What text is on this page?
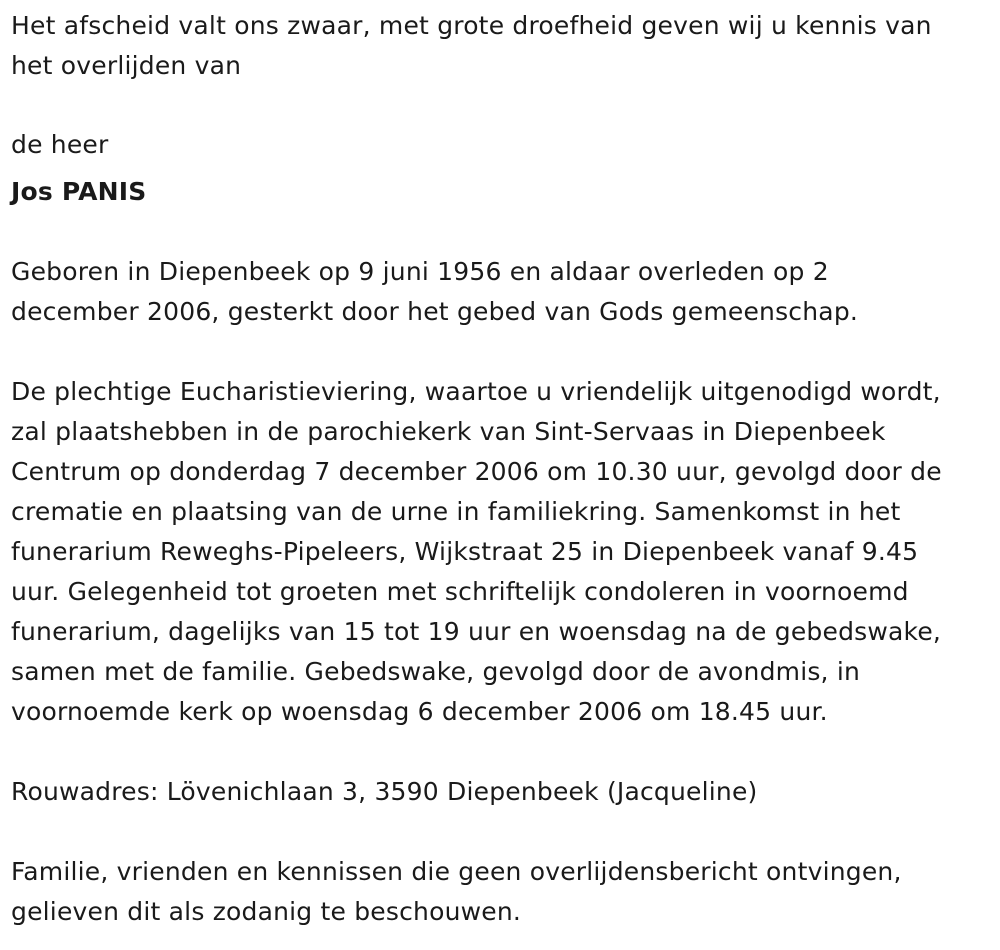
Het afscheid valt ons zwaar, met grote droefheid geven wij u kennis van
het overlijden van

de heer

Jos PANIS

Geboren in Diepenbeek op 9 juni 1956 en aldaar overleden op 2
december 2006, gesterkt door het gebed van Gods gemeenschap.

De plechtige Eucharistieviering, waartoe u vriendelijk uitgenodigd wordt,
zal plaatshebben in de parochiekerk van Sint-Servaas in Diepenbeek
Centrum op donderdag 7 december 2006 om 10.30 uur, gevolgd door de
crematie en plaatsing van de urne in familiekring. Samenkomst in het
funerarium Reweghs-Pipeleers, Wijkstraat 25 in Diepenbeek vanaf 9.45
uur. Gelegenheid tot groeten met schriftelijk condoleren in voornoemd
funerarium, dagelijks van 15 tot 19 uur en woensdag na de gebedswake,
samen met de familie. Gebedswake, gevolgd door de avondmis, in
voornoemde kerk op woensdag 6 december 2006 om 18.45 uur.

Rouwadres: Lövenichlaan 3, 3590 Diepenbeek (Jacqueline)

Familie, vrienden en kennissen die geen overlijdensbericht ontvingen,
gelieven dit als zodanig te beschouwen.
